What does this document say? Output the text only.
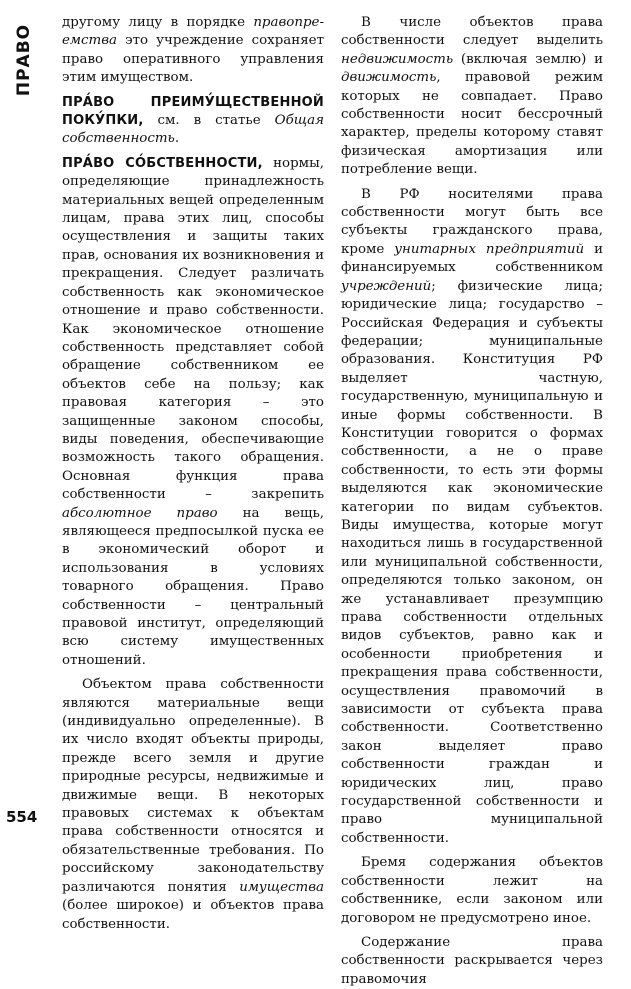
ПРАВО

другому лицу в порядке правопре-емства это учреждение сохраняет право оперативного управления этим имуществом.

ПРА́ВО ПРЕИМУ́ЩЕСТВЕННОЙ ПОКУ́ПКИ, см. в статье Общая собственность.

ПРА́ВО СО́БСТВЕННОСТИ, нормы, определяющие принадлежность материальных вещей определенным лицам, права этих лиц, способы осуществления и защиты таких прав, основания их возникновения и прекращения. Следует различать собственность как экономическое отношение и право собственности. Как экономическое отношение собственность представляет собой обращение собственником ее объектов себе на пользу; как правовая категория – это защищенные законом способы, виды поведения, обеспечивающие возможность такого обращения. Основная функция права собственности – закрепить абсолютное право на вещь, являющееся предпосылкой пуска ее в экономический оборот и использования в условиях товарного обращения. Право собственности – центральный правовой институт, определяющий всю систему имущественных отношений.

Объектом права собственности являются материальные вещи (индивидуально определенные). В их число входят объекты природы, прежде всего земля и другие природные ресурсы, недвижимые и движимые вещи. В некоторых правовых системах к объектам права собственности относятся и обязательственные требования. По российскому законодательству различаются понятия имущества (более широкое) и объектов права собственности.

В числе объектов права собственности следует выделить недвижимость (включая землю) и движимость, правовой режим которых не совпадает. Право собственности носит бессрочный характер, пределы которому ставят физическая амортизация или потребление вещи.

В РФ носителями права собственности могут быть все субъекты гражданского права, кроме унитарных предприятий и финансируемых собственником учреждений; физические лица; юридические лица; государство – Российская Федерация и субъекты федерации; муниципальные образования. Конституция РФ выделяет частную, государственную, муниципальную и иные формы собственности. В Конституции говорится о формах собственности, а не о праве собственности, то есть эти формы выделяются как экономические категории по видам субъектов. Виды имущества, которые могут находиться лишь в государственной или муниципальной собственности, определяются только законом, он же устанавливает презумпцию права собственности отдельных видов субъектов, равно как и особенности приобретения и прекращения права собственности, осуществления правомочий в зависимости от субъекта права собственности. Соответственно закон выделяет право собственности граждан и юридических лиц, право государственной собственности и право муниципальной собственности.

Бремя содержания объектов собственности лежит на собственнике, если законом или договором не предусмотрено иное.

Содержание права собственности раскрывается через правомочия

554
